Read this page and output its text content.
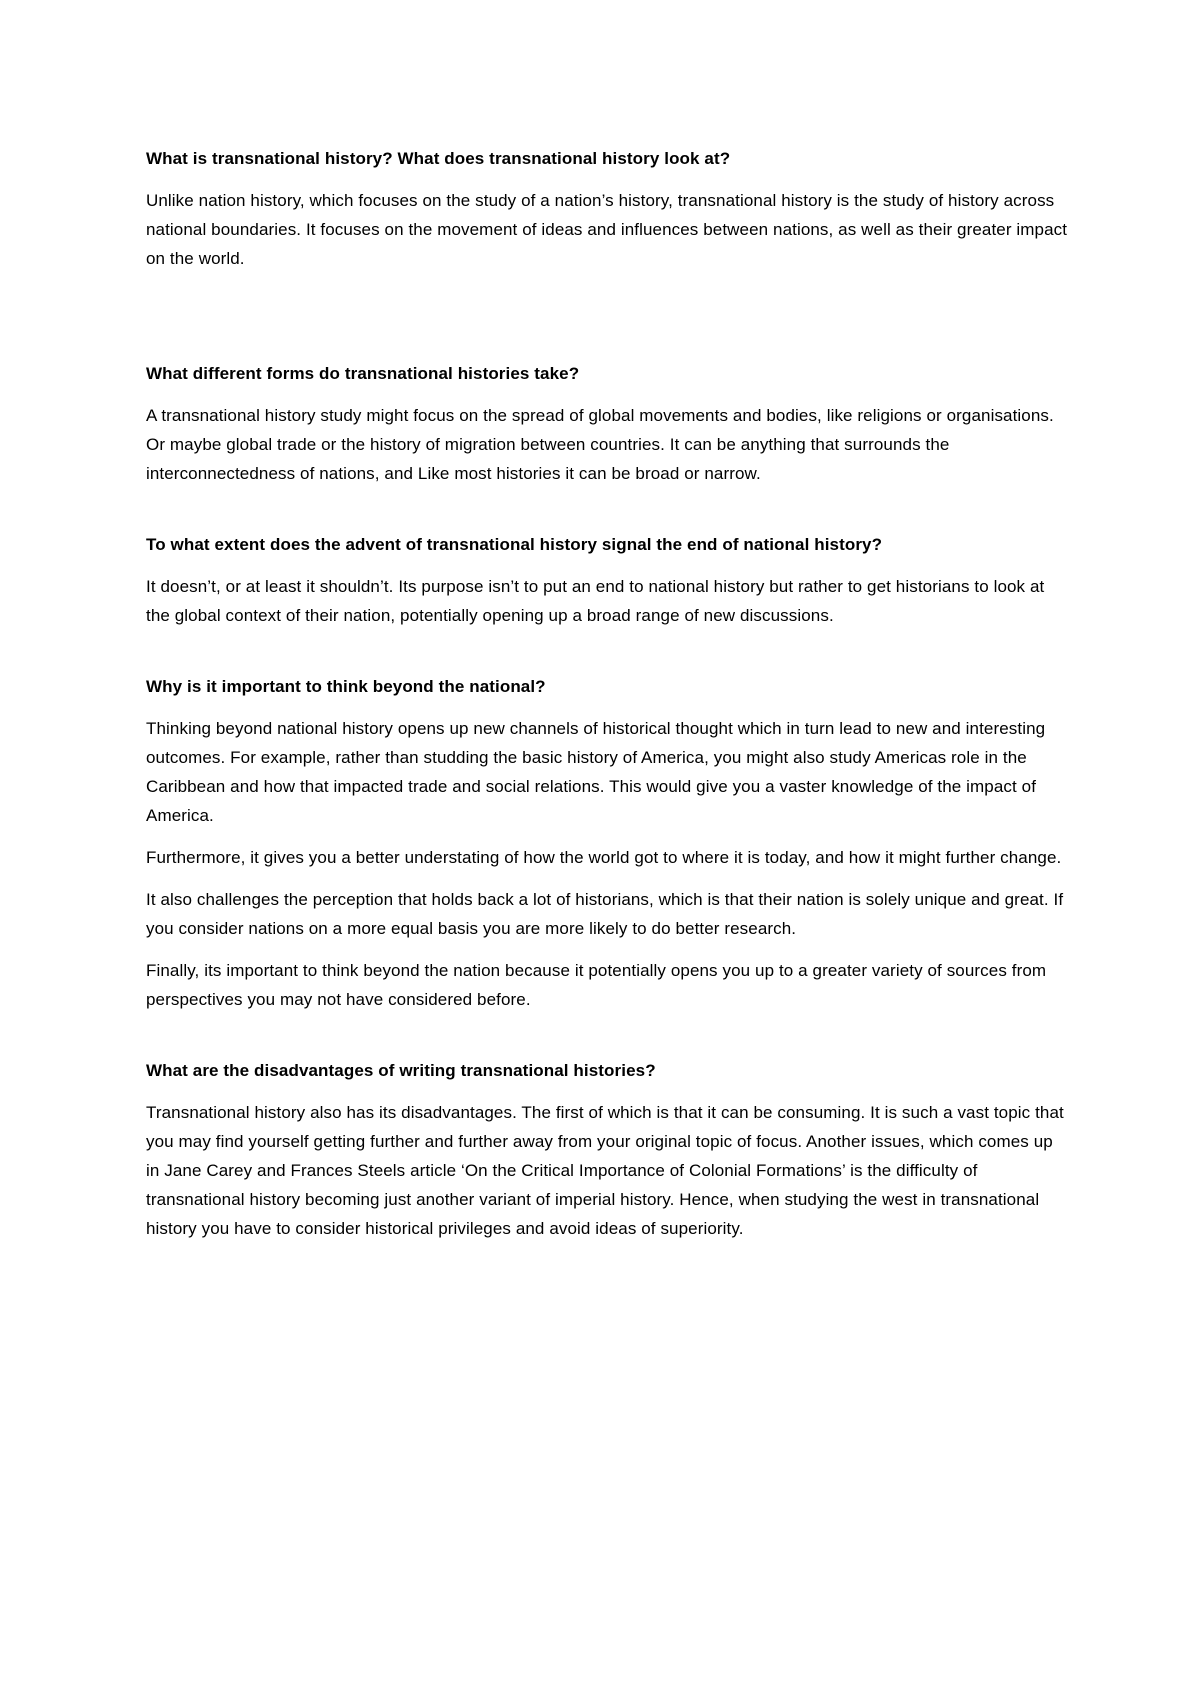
What is transnational history? What does transnational history look at?

Unlike nation history, which focuses on the study of a nation’s history, transnational history is the study of history across national boundaries. It focuses on the movement of ideas and influences between nations, as well as their greater impact on the world.

What different forms do transnational histories take?

A transnational history study might focus on the spread of global movements and bodies, like religions or organisations. Or maybe global trade or the history of migration between countries. It can be anything that surrounds the interconnectedness of nations, and Like most histories it can be broad or narrow.

To what extent does the advent of transnational history signal the end of national history?

It doesn’t, or at least it shouldn’t. Its purpose isn’t to put an end to national history but rather to get historians to look at the global context of their nation, potentially opening up a broad range of new discussions.

Why is it important to think beyond the national?

Thinking beyond national history opens up new channels of historical thought which in turn lead to new and interesting outcomes. For example, rather than studding the basic history of America, you might also study Americas role in the Caribbean and how that impacted trade and social relations. This would give you a vaster knowledge of the impact of America.

Furthermore, it gives you a better understating of how the world got to where it is today, and how it might further change.

It also challenges the perception that holds back a lot of historians, which is that their nation is solely unique and great. If you consider nations on a more equal basis you are more likely to do better research.

Finally, its important to think beyond the nation because it potentially opens you up to a greater variety of sources from perspectives you may not have considered before.

What are the disadvantages of writing transnational histories?

Transnational history also has its disadvantages. The first of which is that it can be consuming. It is such a vast topic that you may find yourself getting further and further away from your original topic of focus. Another issues, which comes up in Jane Carey and Frances Steels article ‘On the Critical Importance of Colonial Formations’ is the difficulty of transnational history becoming just another variant of imperial history. Hence, when studying the west in transnational history you have to consider historical privileges and avoid ideas of superiority.
